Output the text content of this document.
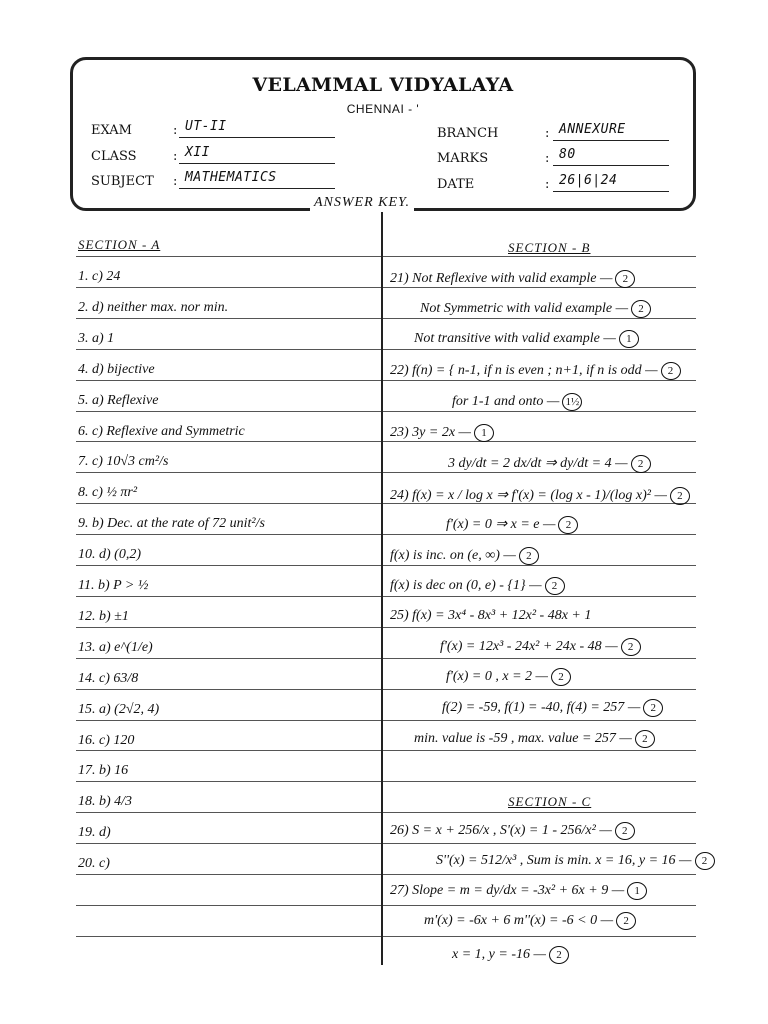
VELAMMAL VIDYALAYA
CHENNAI - '
EXAM	: UT-II
CLASS	: XII
SUBJECT : MATHEMATICS
BRANCH	: ANNEXURE
MARKS	: 80
DATE	: 26|6|24
ANSWER KEY.
SECTION - A
1. c) 24
2. d) neither max. nor min.
3. a) 1
4. d) bijective
5. a) Reflexive
6. c) Reflexive and Symmetric
7. c) 10√3 cm²/s
8. c) ½ πr²
9. b) Dec. at the rate of 72 unit²/s
10. d) (0,2)
11. b) P > ½
12. b) ±1
13. a) e^(1/e)
14. c) 63/8
15. a) (2√2, 4)
16. c) 120
17. b) 16
18. b) 4/3
19. d)
20. c)
SECTION - B
21) Not Reflexive with valid example — 2
Not Symmetric with valid example — 2
Not transitive with valid example — 1
22) f(n) = { n-1, if n is even ; n+1, if n is odd — 2
for 1-1 and onto — 1½
23) 3y = 2x — 1
3 dy/dt = 2 dx/dt ⇒ dy/dt = 4 — 2
24) f(x) = x / log x ⇒ f'(x) = (log x - 1)/(log x)² — 2
f'(x) = 0 ⇒ x = e — 2
f(x) is inc. on (e, ∞) — 2
f(x) is dec on (0, e) - {1} — 2
25) f(x) = 3x⁴ - 8x³ + 12x² - 48x + 1
f'(x) = 12x³ - 24x² + 24x - 48 — 2
f'(x) = 0 , x = 2 — 2
f(2) = -59, f(1) = -40, f(4) = 257 — 2
min. value is -59 , max. value = 257 — 2
SECTION - C
26) S = x + 256/x , S'(x) = 1 - 256/x² — 2
S''(x) = 512/x³ , Sum is min. x = 16, y = 16 — 2
27) Slope = m = dy/dx = -3x² + 6x + 9 — 1
m'(x) = -6x + 6 m''(x) = -6 < 0 — 2
x = 1, y = -16 — 2
